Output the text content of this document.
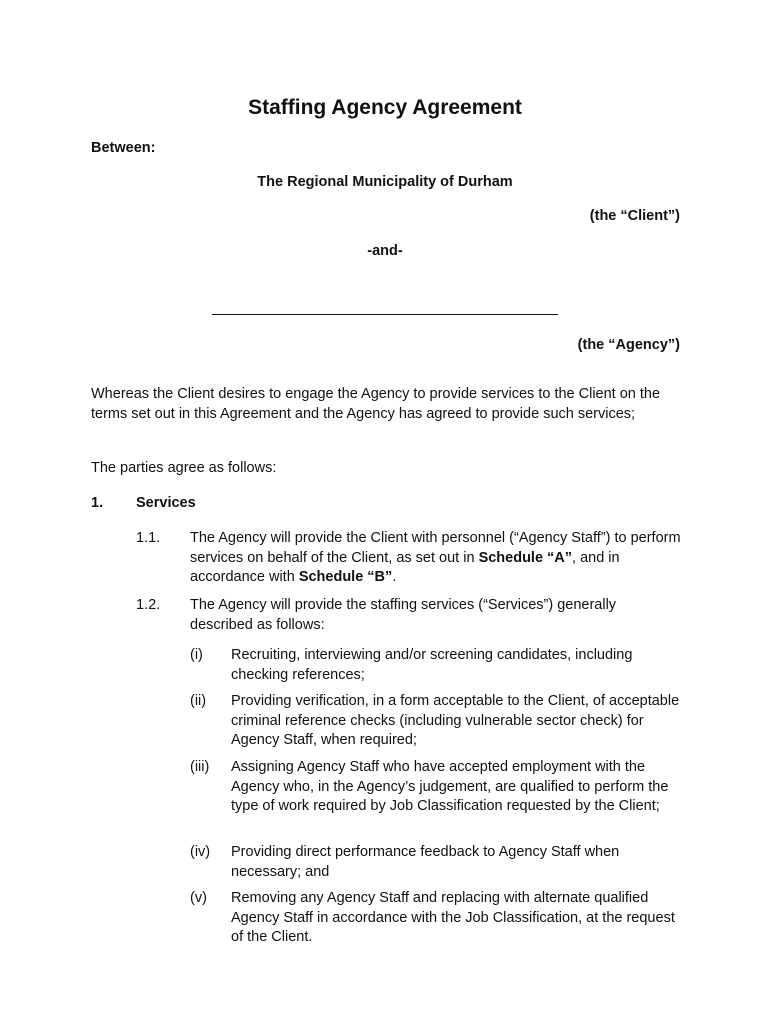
Staffing Agency Agreement
Between:
The Regional Municipality of Durham
(the “Client”)
-and-
(the “Agency”)

Whereas the Client desires to engage the Agency to provide services to the Client on the terms set out in this Agreement and the Agency has agreed to provide such services;

The parties agree as follows:

1. Services
1.1. The Agency will provide the Client with personnel (“Agency Staff”) to perform services on behalf of the Client, as set out in Schedule “A”, and in accordance with Schedule “B”.

1.2. The Agency will provide the staffing services (“Services”) generally described as follows:

(i) Recruiting, interviewing and/or screening candidates, including checking references;

(ii) Providing verification, in a form acceptable to the Client, of acceptable criminal reference checks (including vulnerable sector check) for Agency Staff, when required;

(iii) Assigning Agency Staff who have accepted employment with the Agency who, in the Agency’s judgement, are qualified to perform the type of work required by Job Classification requested by the Client;

(iv) Providing direct performance feedback to Agency Staff when necessary; and

(v) Removing any Agency Staff and replacing with alternate qualified Agency Staff in accordance with the Job Classification, at the request of the Client.
